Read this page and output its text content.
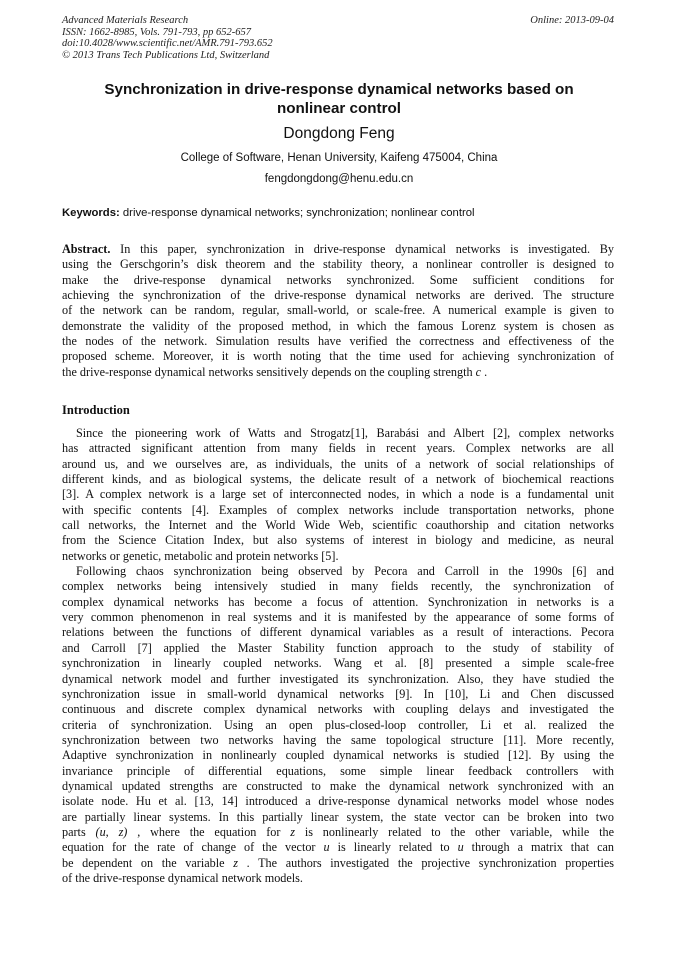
Advanced Materials Research
ISSN: 1662-8985, Vols. 791-793, pp 652-657
doi:10.4028/www.scientific.net/AMR.791-793.652
© 2013 Trans Tech Publications Ltd, Switzerland
Online: 2013-09-04
Synchronization in drive-response dynamical networks based on
nonlinear control
Dongdong Feng
College of Software, Henan University, Kaifeng 475004, China
fengdongdong@henu.edu.cn
Keywords: drive-response dynamical networks; synchronization; nonlinear control
Abstract. In this paper, synchronization in drive-response dynamical networks is investigated. By
using the Gerschgorin’s disk theorem and the stability theory, a nonlinear controller is designed to
make the drive-response dynamical networks synchronized. Some sufficient conditions for
achieving the synchronization of the drive-response dynamical networks are derived. The structure
of the network can be random, regular, small-world, or scale-free. A numerical example is given to
demonstrate the validity of the proposed method, in which the famous Lorenz system is chosen as
the nodes of the network. Simulation results have verified the correctness and effectiveness of the
proposed scheme. Moreover, it is worth noting that the time used for achieving synchronization of
the drive-response dynamical networks sensitively depends on the coupling strength c .
Introduction
Since the pioneering work of Watts and Strogatz[1], Barabási and Albert [2], complex networks
has attracted significant attention from many fields in recent years. Complex networks are all
around us, and we ourselves are, as individuals, the units of a network of social relationships of
different kinds, and as biological systems, the delicate result of a network of biochemical reactions
[3]. A complex network is a large set of interconnected nodes, in which a node is a fundamental unit
with specific contents [4]. Examples of complex networks include transportation networks, phone
call networks, the Internet and the World Wide Web, scientific coauthorship and citation networks
from the Science Citation Index, but also systems of interest in biology and medicine, as neural
networks or genetic, metabolic and protein networks [5].
Following chaos synchronization being observed by Pecora and Carroll in the 1990s [6] and
complex networks being intensively studied in many fields recently, the synchronization of
complex dynamical networks has become a focus of attention. Synchronization in networks is a
very common phenomenon in real systems and it is manifested by the appearance of some forms of
relations between the functions of different dynamical variables as a result of interactions. Pecora
and Carroll [7] applied the Master Stability function approach to the study of stability of
synchronization in linearly coupled networks. Wang et al. [8] presented a simple scale-free
dynamical network model and further investigated its synchronization. Also, they have studied the
synchronization issue in small-world dynamical networks [9]. In [10], Li and Chen discussed
continuous and discrete complex dynamical networks with coupling delays and investigated the
criteria of synchronization. Using an open plus-closed-loop controller, Li et al. realized the
synchronization between two networks having the same topological structure [11]. More recently,
Adaptive synchronization in nonlinearly coupled dynamical networks is studied [12]. By using the
invariance principle of differential equations, some simple linear feedback controllers with
dynamical updated strengths are constructed to make the dynamical network synchronized with an
isolate node. Hu et al. [13, 14] introduced a drive-response dynamical networks model whose nodes
are partially linear systems. In this partially linear system, the state vector can be broken into two
parts (u, z) , where the equation for z is nonlinearly related to the other variable, while the
equation for the rate of change of the vector u is linearly related to u through a matrix that can
be dependent on the variable z . The authors investigated the projective synchronization properties
of the drive-response dynamical network models.
